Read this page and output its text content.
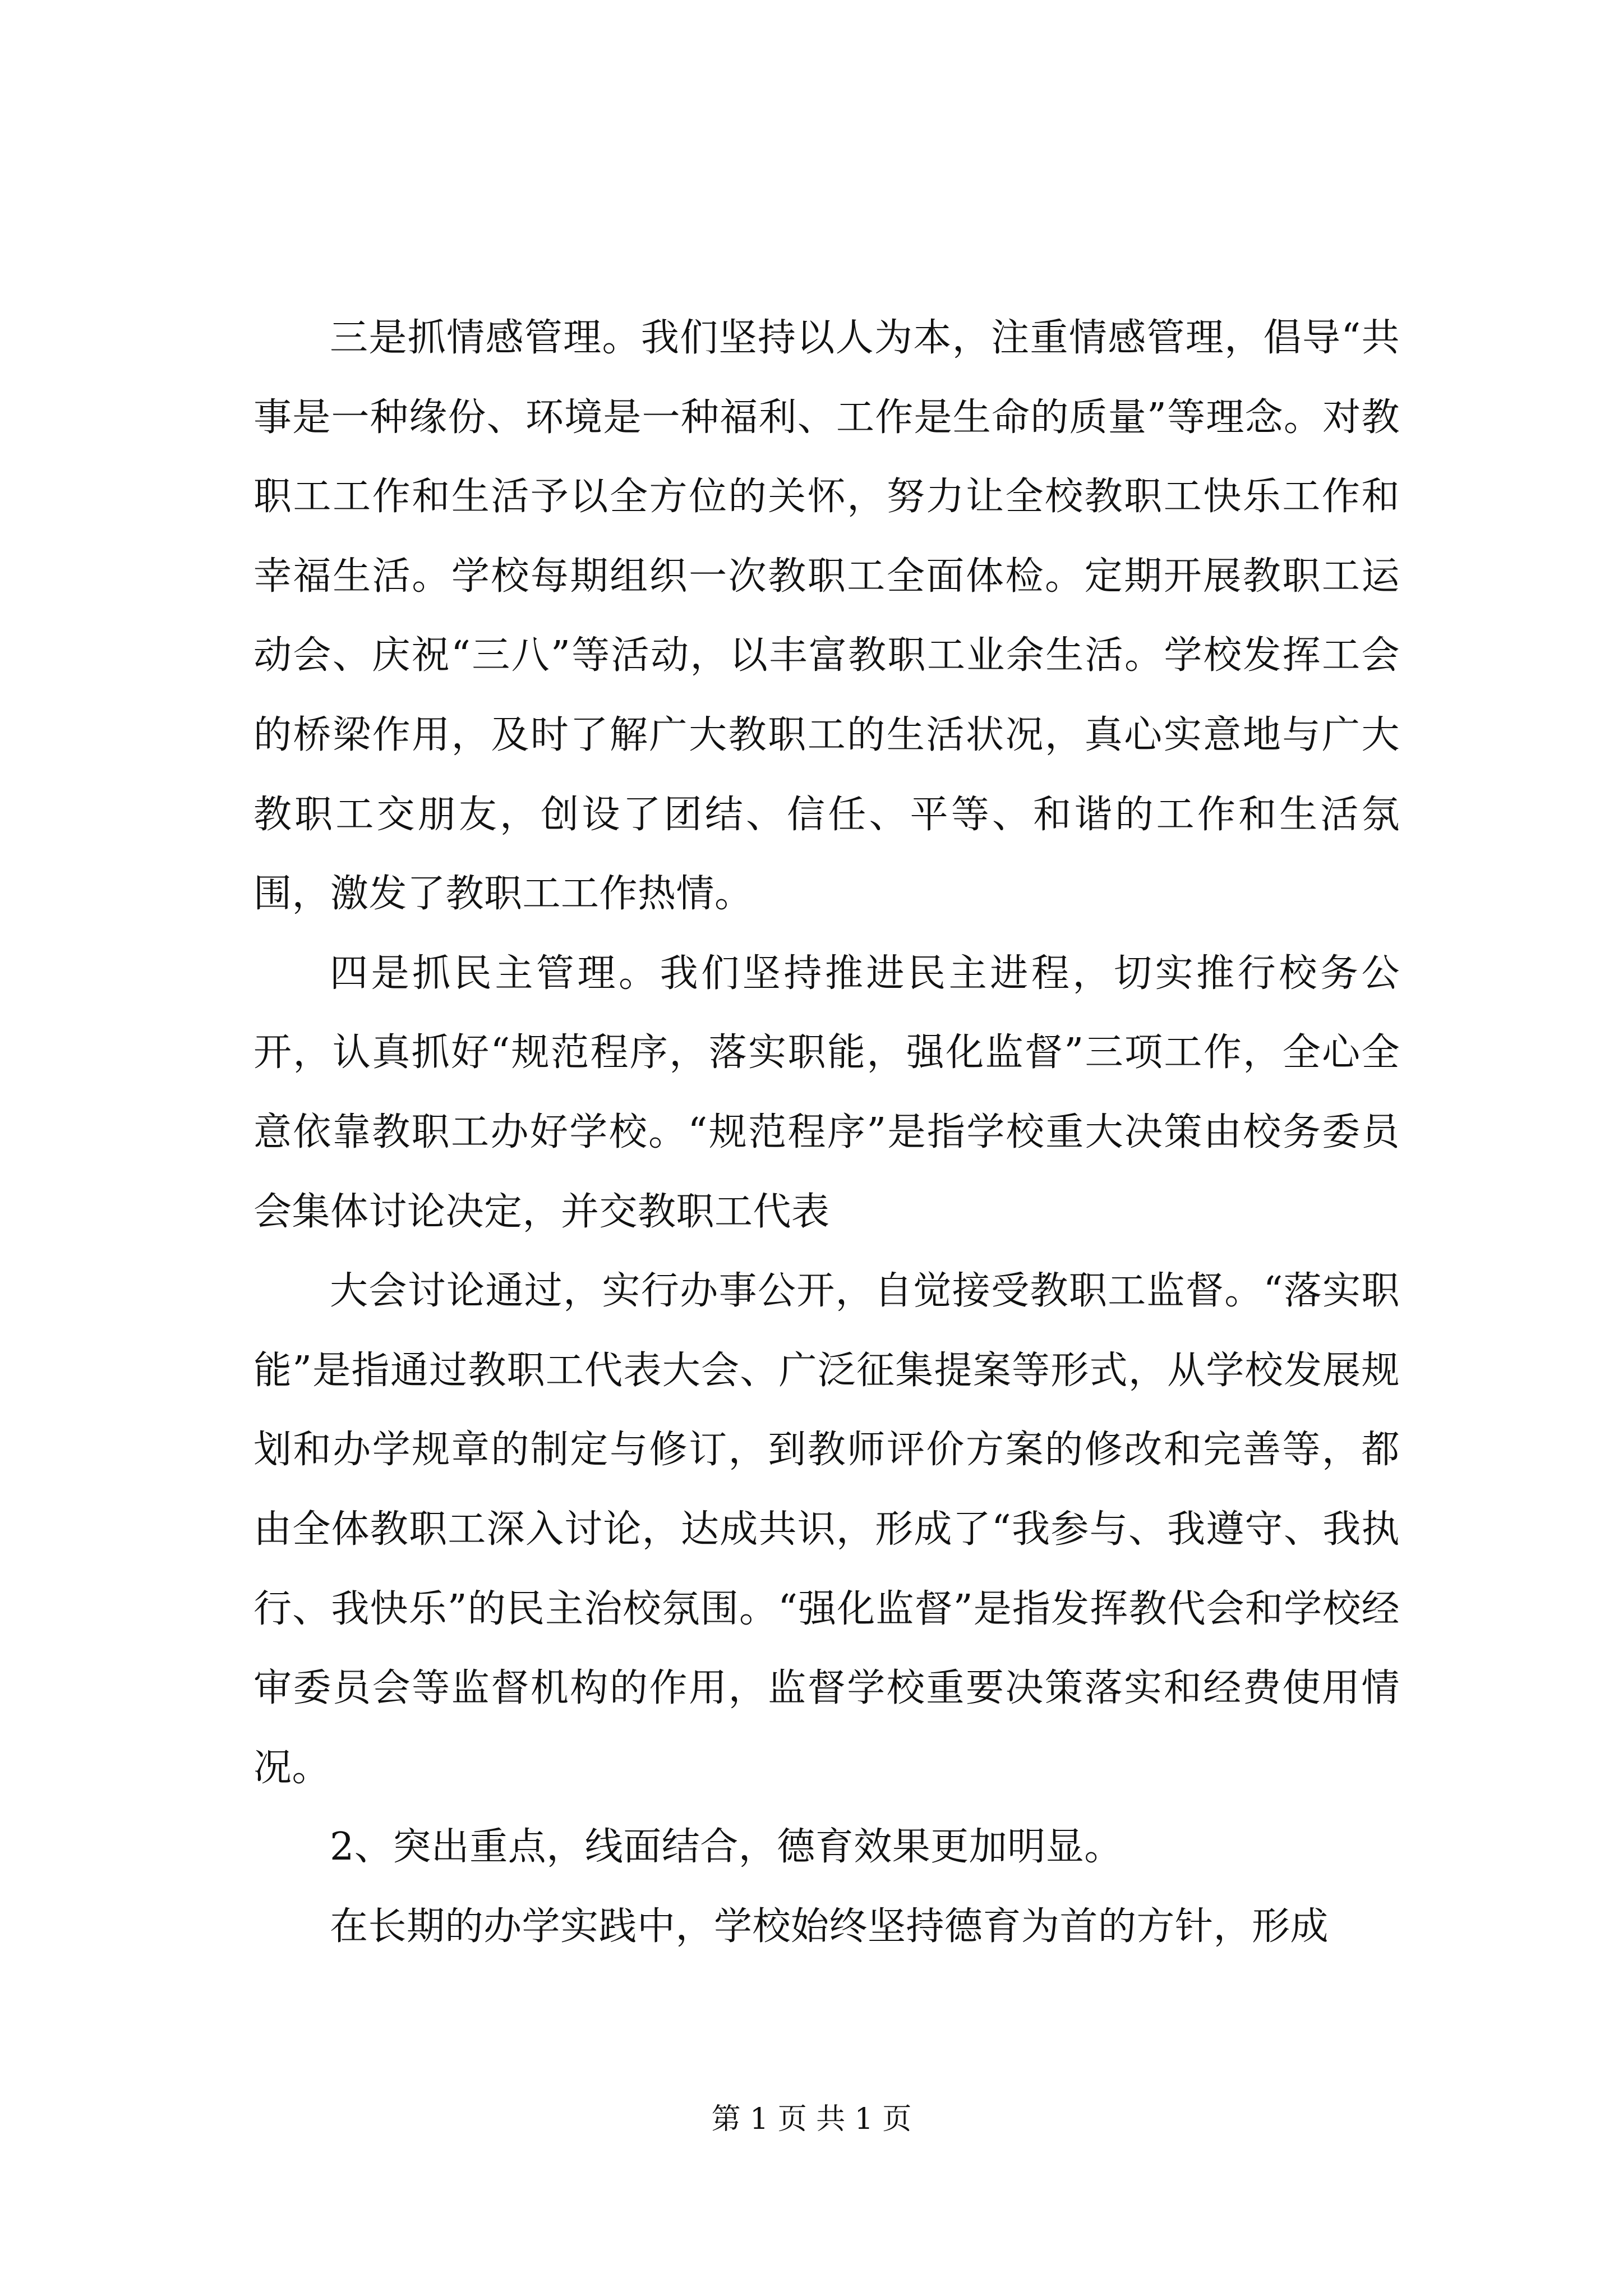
三是抓情感管理。我们坚持以人为本，注重情感管理，倡导“共事是一种缘份、环境是一种福利、工作是生命的质量”等理念。对教职工工作和生活予以全方位的关怀，努力让全校教职工快乐工作和幸福生活。学校每期组织一次教职工全面体检。定期开展教职工运动会、庆祝“三八”等活动，以丰富教职工业余生活。学校发挥工会的桥梁作用，及时了解广大教职工的生活状况，真心实意地与广大教职工交朋友，创设了团结、信任、平等、和谐的工作和生活氛围，激发了教职工工作热情。

四是抓民主管理。我们坚持推进民主进程，切实推行校务公开，认真抓好“规范程序，落实职能，强化监督”三项工作，全心全意依靠教职工办好学校。“规范程序”是指学校重大决策由校务委员会集体讨论决定，并交教职工代表

大会讨论通过，实行办事公开，自觉接受教职工监督。“落实职能”是指通过教职工代表大会、广泛征集提案等形式，从学校发展规划和办学规章的制定与修订，到教师评价方案的修改和完善等，都由全体教职工深入讨论，达成共识，形成了“我参与、我遵守、我执行、我快乐”的民主治校氛围。“强化监督”是指发挥教代会和学校经审委员会等监督机构的作用，监督学校重要决策落实和经费使用情况。

2、突出重点，线面结合，德育效果更加明显。

在长期的办学实践中，学校始终坚持德育为首的方针，形成

第 1 页 共 1 页
